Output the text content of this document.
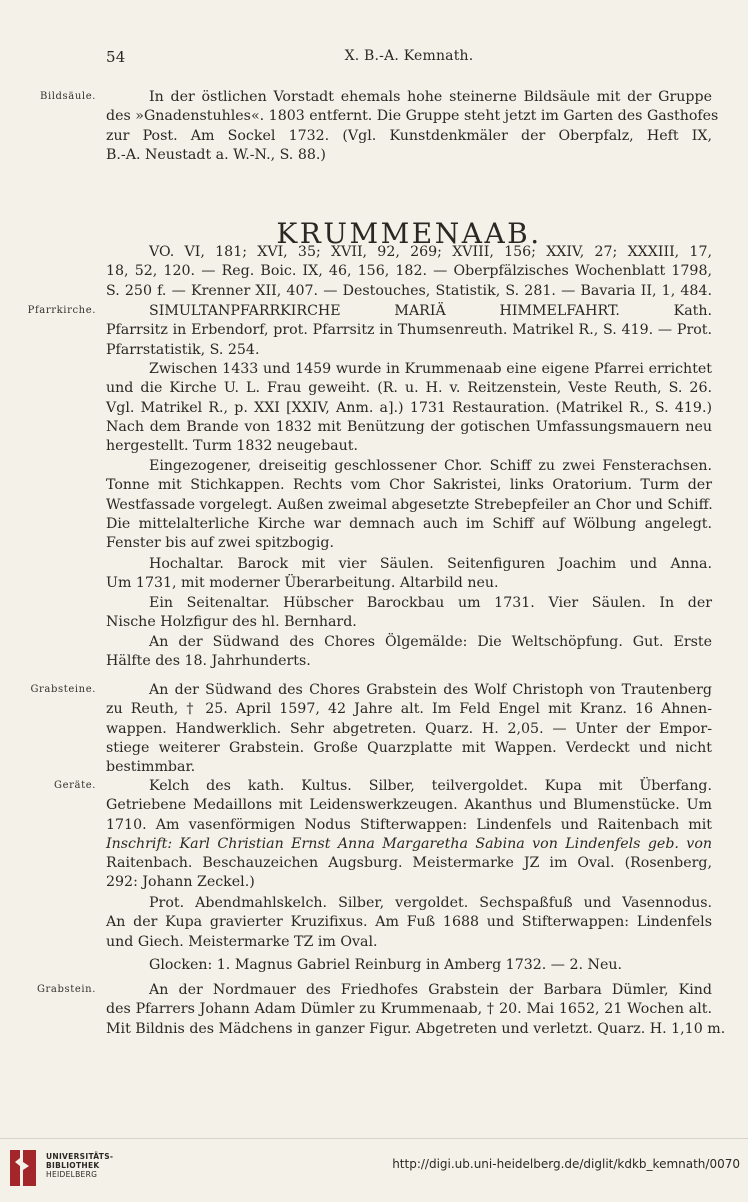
54	X. B.-A. Kemnath.
Bildsäule.
Pfarrkirche.
Grabsteine.
Geräte.
Grabstein.
In der östlichen Vorstadt ehemals hohe steinerne Bildsäule mit der Gruppe
des »Gnadenstuhles«. 1803 entfernt. Die Gruppe steht jetzt im Garten des Gasthofes
zur Post. Am Sockel 1732. (Vgl. Kunstdenkmäler der Oberpfalz, Heft IX,
B.-A. Neustadt a. W.-N., S. 88.)
KRUMMENAAB.
VO. VI, 181; XVI, 35; XVII, 92, 269; XVIII, 156; XXIV, 27; XXXIII, 17,
18, 52, 120. — Reg. Boic. IX, 46, 156, 182. — Oberpfälzisches Wochenblatt 1798,
S. 250 f. — Krenner XII, 407. — Destouches, Statistik, S. 281. — Bavaria II, 1, 484.
SIMULTANPFARRKIRCHE MARIÄ HIMMELFAHRT. Kath.
Pfarrsitz in Erbendorf, prot. Pfarrsitz in Thumsenreuth. Matrikel R., S. 419. — Prot.
Pfarrstatistik, S. 254.
Zwischen 1433 und 1459 wurde in Krummenaab eine eigene Pfarrei errichtet
und die Kirche U. L. Frau geweiht. (R. u. H. v. Reitzenstein, Veste Reuth, S. 26.
Vgl. Matrikel R., p. XXI [XXIV, Anm. a].) 1731 Restauration. (Matrikel R., S. 419.)
Nach dem Brande von 1832 mit Benützung der gotischen Umfassungsmauern neu
hergestellt. Turm 1832 neugebaut.
Eingezogener, dreiseitig geschlossener Chor. Schiff zu zwei Fensterachsen.
Tonne mit Stichkappen. Rechts vom Chor Sakristei, links Oratorium. Turm der
Westfassade vorgelegt. Außen zweimal abgesetzte Strebepfeiler an Chor und Schiff.
Die mittelalterliche Kirche war demnach auch im Schiff auf Wölbung angelegt.
Fenster bis auf zwei spitzbogig.
Hochaltar. Barock mit vier Säulen. Seitenfiguren Joachim und Anna.
Um 1731, mit moderner Überarbeitung. Altarbild neu.
Ein Seitenaltar. Hübscher Barockbau um 1731. Vier Säulen. In der
Nische Holzfigur des hl. Bernhard.
An der Südwand des Chores Ölgemälde: Die Weltschöpfung. Gut. Erste
Hälfte des 18. Jahrhunderts.
An der Südwand des Chores Grabstein des Wolf Christoph von Trautenberg
zu Reuth, † 25. April 1597, 42 Jahre alt. Im Feld Engel mit Kranz. 16 Ahnen-
wappen. Handwerklich. Sehr abgetreten. Quarz. H. 2,05. — Unter der Empor-
stiege weiterer Grabstein. Große Quarzplatte mit Wappen. Verdeckt und nicht
bestimmbar.
Kelch des kath. Kultus. Silber, teilvergoldet. Kupa mit Überfang.
Getriebene Medaillons mit Leidenswerkzeugen. Akanthus und Blumenstücke. Um
1710. Am vasenförmigen Nodus Stifterwappen: Lindenfels und Raitenbach mit
Inschrift: Karl Christian Ernst Anna Margaretha Sabina von Lindenfels geb. von
Raitenbach. Beschauzeichen Augsburg. Meistermarke JZ im Oval. (Rosenberg,
292: Johann Zeckel.)
Prot. Abendmahlskelch. Silber, vergoldet. Sechspaßfuß und Vasennodus.
An der Kupa gravierter Kruzifixus. Am Fuß 1688 und Stifterwappen: Lindenfels
und Giech. Meistermarke TZ im Oval.
Glocken: 1. Magnus Gabriel Reinburg in Amberg 1732. — 2. Neu.
An der Nordmauer des Friedhofes Grabstein der Barbara Dümler, Kind
des Pfarrers Johann Adam Dümler zu Krummenaab, † 20. Mai 1652, 21 Wochen alt.
Mit Bildnis des Mädchens in ganzer Figur. Abgetreten und verletzt. Quarz. H. 1,10 m.
UNIVERSITÄTS-
BIBLIOTHEK
HEIDELBERG
http://digi.ub.uni-heidelberg.de/diglit/kdkb_kemnath/0070
